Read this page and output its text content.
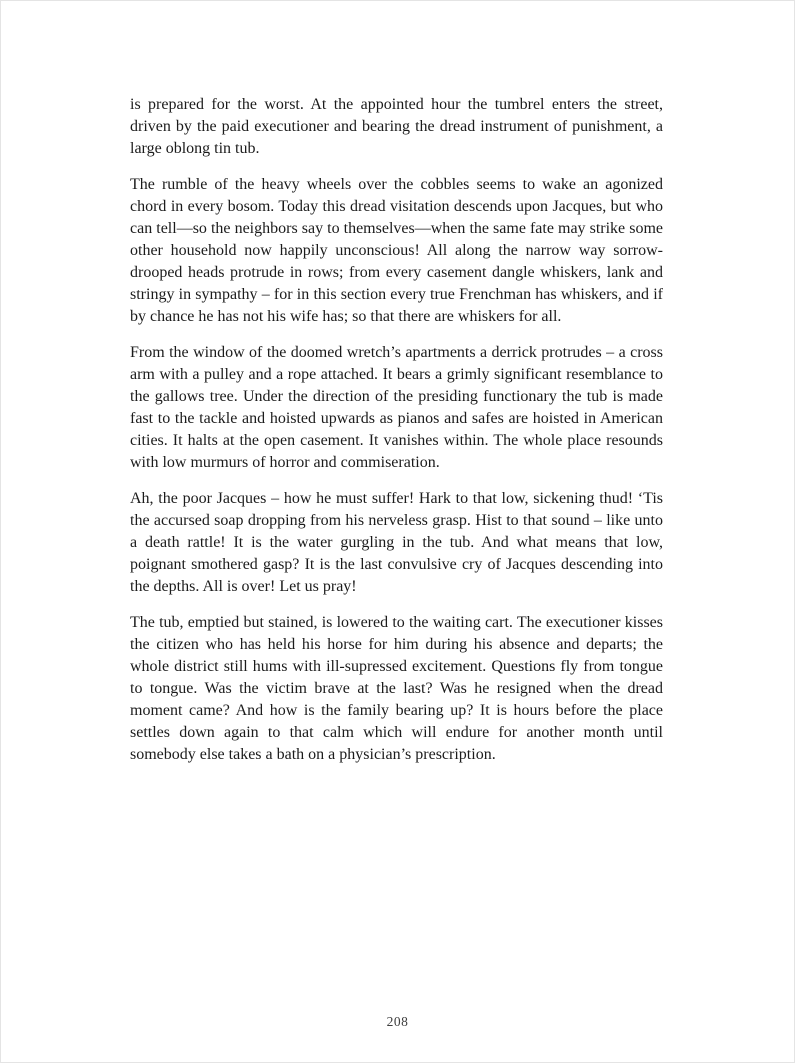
is prepared for the worst. At the appointed hour the tumbrel enters the street, driven by the paid executioner and bearing the dread instrument of punishment, a large oblong tin tub.

The rumble of the heavy wheels over the cobbles seems to wake an agonized chord in every bosom. Today this dread visitation descends upon Jacques, but who can tell—so the neighbors say to themselves—when the same fate may strike some other household now happily unconscious! All along the narrow way sorrow-drooped heads protrude in rows; from every casement dangle whiskers, lank and stringy in sympathy – for in this section every true Frenchman has whiskers, and if by chance he has not his wife has; so that there are whiskers for all.

From the window of the doomed wretch’s apartments a derrick protrudes – a cross arm with a pulley and a rope attached. It bears a grimly significant resemblance to the gallows tree. Under the direction of the presiding functionary the tub is made fast to the tackle and hoisted upwards as pianos and safes are hoisted in American cities. It halts at the open casement. It vanishes within. The whole place resounds with low murmurs of horror and commiseration.

Ah, the poor Jacques – how he must suffer! Hark to that low, sickening thud! ‘Tis the accursed soap dropping from his nerveless grasp. Hist to that sound – like unto a death rattle! It is the water gurgling in the tub. And what means that low, poignant smothered gasp? It is the last convulsive cry of Jacques descending into the depths. All is over! Let us pray!

The tub, emptied but stained, is lowered to the waiting cart. The executioner kisses the citizen who has held his horse for him during his absence and departs; the whole district still hums with ill-supressed excitement. Questions fly from tongue to tongue. Was the victim brave at the last? Was he resigned when the dread moment came? And how is the family bearing up? It is hours before the place settles down again to that calm which will endure for another month until somebody else takes a bath on a physician’s prescription.

208
